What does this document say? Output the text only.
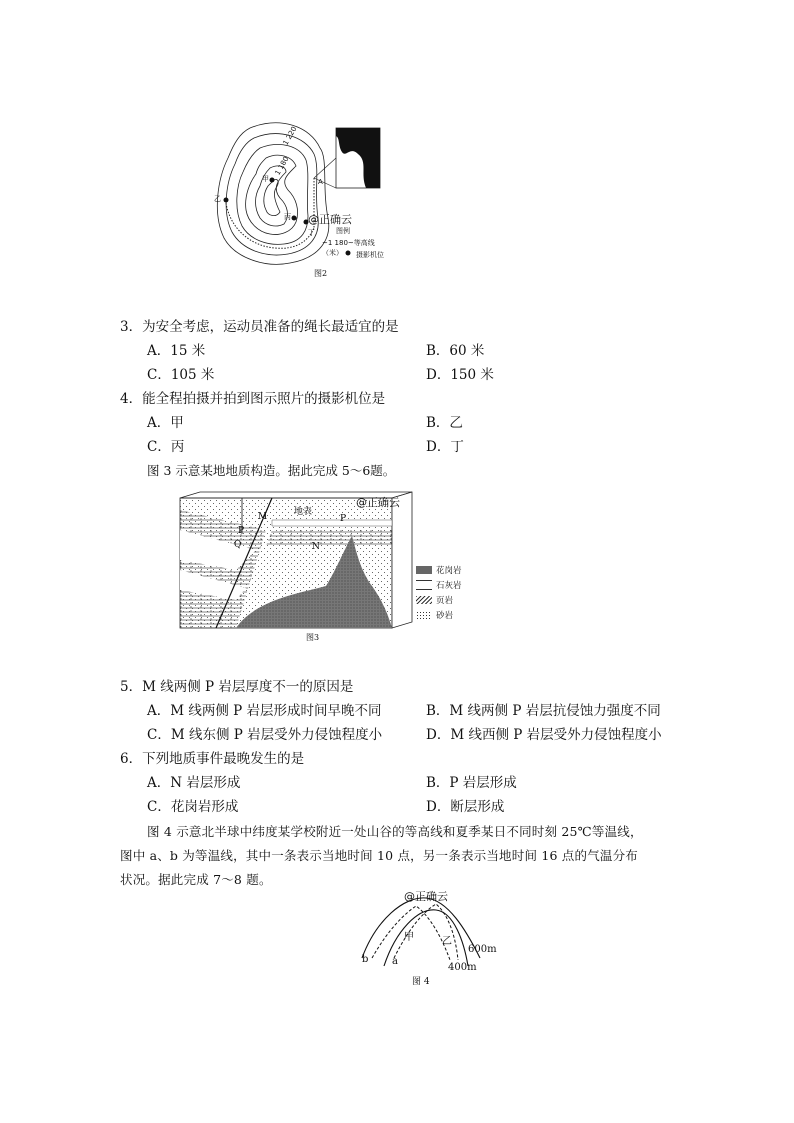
1 220
1 180
甲
乙
丙
丁
A
@正确云
图例
~1 180~等高线（米）	摄影机位
图2
3．为安全考虑，运动员准备的绳长最适宜的是
A．15 米	B．60 米
C．105 米	D．150 米
4．能全程拍摄并拍到图示照片的摄影机位是
A．甲	B．乙
C．丙	D．丁
图 3 示意某地地质构造。据此完成 5～6题。
地表
M
P
P
Q	N
@正确云
花岗岩
石灰岩
页岩
砂岩
图3
5．M 线两侧 P 岩层厚度不一的原因是
A．M 线两侧 P 岩层形成时间早晚不同	B．M 线两侧 P 岩层抗侵蚀力强度不同
C．M 线东侧 P 岩层受外力侵蚀程度小	D．M 线西侧 P 岩层受外力侵蚀程度小
6．下列地质事件最晚发生的是
A．N 岩层形成	B．P 岩层形成
C．花岗岩形成	D．断层形成
图 4 示意北半球中纬度某学校附近一处山谷的等高线和夏季某日不同时刻 25℃等温线，
图中 a、b 为等温线，其中一条表示当地时间 10 点，另一条表示当地时间 16 点的气温分布
状况。据此完成 7～8 题。
@正确云
甲	乙
b a
600m
400m
图 4
